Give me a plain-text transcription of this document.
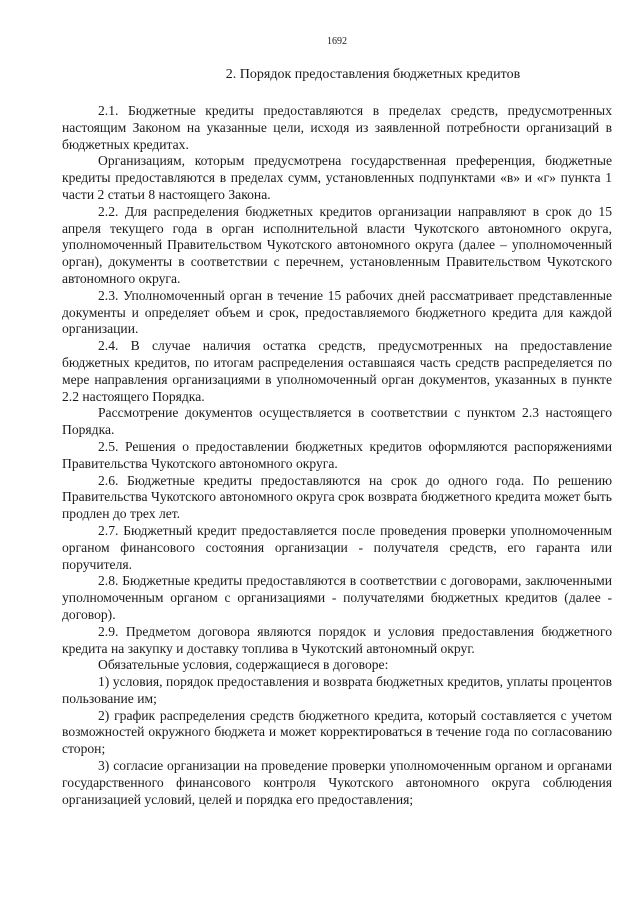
1692
2. Порядок предоставления бюджетных кредитов

2.1. Бюджетные кредиты предоставляются в пределах средств, предусмотренных настоящим Законом на указанные цели, исходя из заявленной потребности организаций в бюджетных кредитах.

Организациям, которым предусмотрена государственная преференция, бюджетные кредиты предоставляются в пределах сумм, установленных подпунктами «в» и «г» пункта 1 части 2 статьи 8 настоящего Закона.

2.2. Для распределения бюджетных кредитов организации направляют в срок до 15 апреля текущего года в орган исполнительной власти Чукотского автономного округа, уполномоченный Правительством Чукотского автономного округа (далее – уполномоченный орган), документы в соответствии с перечнем, установленным Правительством Чукотского автономного округа.

2.3. Уполномоченный орган в течение 15 рабочих дней рассматривает представленные документы и определяет объем и срок, предоставляемого бюджетного кредита для каждой организации.

2.4. В случае наличия остатка средств, предусмотренных на предоставление бюджетных кредитов, по итогам распределения оставшаяся часть средств распределяется по мере направления организациями в уполномоченный орган документов, указанных в пункте 2.2 настоящего Порядка.

Рассмотрение документов осуществляется в соответствии с пунктом 2.3 настоящего Порядка.

2.5. Решения о предоставлении бюджетных кредитов оформляются распоряжениями Правительства Чукотского автономного округа.

2.6. Бюджетные кредиты предоставляются на срок до одного года. По решению Правительства Чукотского автономного округа срок возврата бюджетного кредита может быть продлен до трех лет.

2.7. Бюджетный кредит предоставляется после проведения проверки уполномоченным органом финансового состояния организации - получателя средств, его гаранта или поручителя.

2.8. Бюджетные кредиты предоставляются в соответствии с договорами, заключенными уполномоченным органом с организациями - получателями бюджетных кредитов (далее - договор).

2.9. Предметом договора являются порядок и условия предоставления бюджетного кредита на закупку и доставку топлива в Чукотский автономный округ.

Обязательные условия, содержащиеся в договоре:

1) условия, порядок предоставления и возврата бюджетных кредитов, уплаты процентов пользование им;

2) график распределения средств бюджетного кредита, который составляется с учетом возможностей окружного бюджета и может корректироваться в течение года по согласованию сторон;

3) согласие организации на проведение проверки уполномоченным органом и органами государственного финансового контроля Чукотского автономного округа соблюдения организацией условий, целей и порядка его предоставления;
